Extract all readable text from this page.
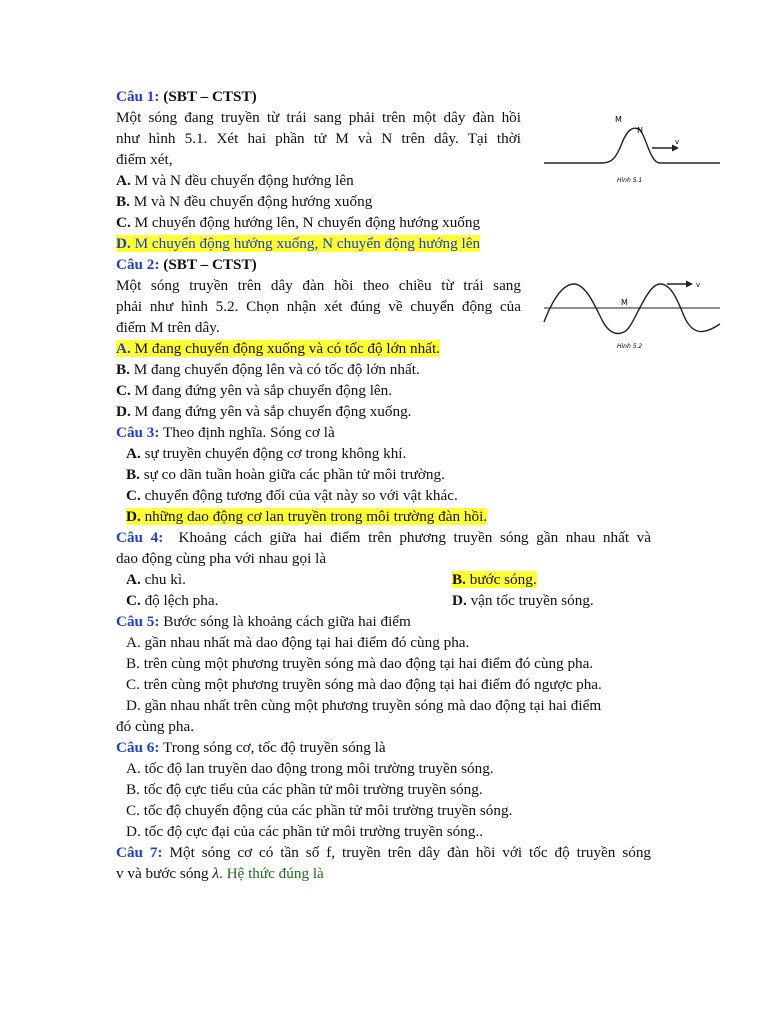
Câu 1: (SBT – CTST)
Một sóng đang truyền từ trái sang phải trên một dây đàn hồi
như hình 5.1. Xét hai phần tử M và N trên dây. Tại thời
điểm xét,
A. M và N đều chuyển động hướng lên
B. M và N đều chuyển động hướng xuống
C. M chuyển động hướng lên, N chuyển động hướng xuống
D. M chuyển động hướng xuống, N chuyển động hướng lên
M
N
v
Hình 5.1
Câu 2: (SBT – CTST)
Một sóng truyền trên dây đàn hồi theo chiều từ trái sang
phải như hình 5.2. Chọn nhận xét đúng về chuyển động của
điểm M trên dây.
A. M đang chuyển động xuống và có tốc độ lớn nhất.
B. M đang chuyển động lên và có tốc độ lớn nhất.
C. M đang đứng yên và sắp chuyển động lên.
D. M đang đứng yên và sắp chuyển động xuống.
v
M
Hình 5.2
Câu 3: Theo định nghĩa. Sóng cơ là
A. sự truyền chuyển động cơ trong không khí.
B. sự co dãn tuần hoàn giữa các phần tử môi trường.
C. chuyển động tương đối của vật này so với vật khác.
D. những dao động cơ lan truyền trong môi trường đàn hồi.
Câu 4: Khoảng cách giữa hai điểm trên phương truyền sóng gần nhau nhất và
dao động cùng pha với nhau gọi là
A. chu kì.	B. bước sóng.
C. độ lệch pha.	D. vận tốc truyền sóng.
Câu 5: Bước sóng là khoảng cách giữa hai điểm
A. gần nhau nhất mà dao động tại hai điểm đó cùng pha.
B. trên cùng một phương truyền sóng mà dao động tại hai điểm đó cùng pha.
C. trên cùng một phương truyền sóng mà dao động tại hai điểm đó ngược pha.
D. gần nhau nhất trên cùng một phương truyền sóng mà dao động tại hai điểm
đó cùng pha.
Câu 6: Trong sóng cơ, tốc độ truyền sóng là
A. tốc độ lan truyền dao động trong môi trường truyền sóng.
B. tốc độ cực tiểu của các phần tử môi trường truyền sóng.
C. tốc độ chuyển động của các phần tử môi trường truyền sóng.
D. tốc độ cực đại của các phần tử môi trường truyền sóng..
Câu 7: Một sóng cơ có tần số f, truyền trên dây đàn hồi với tốc độ truyền sóng
v và bước sóng λ. Hệ thức đúng là
